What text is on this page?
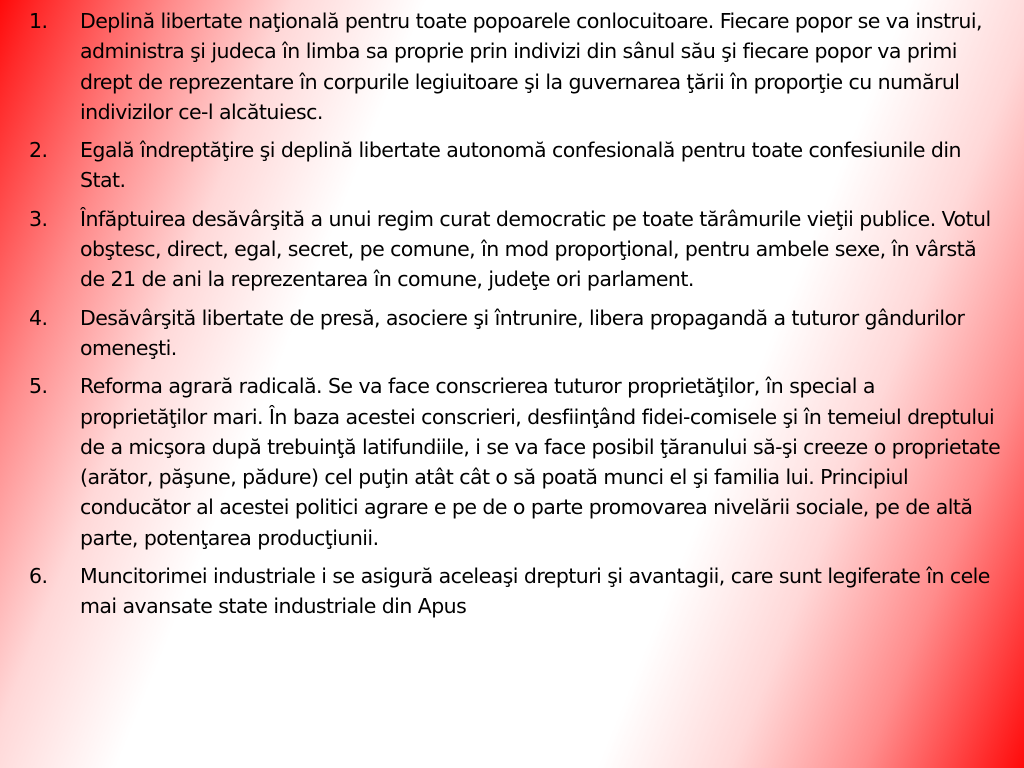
1. Deplină libertate naţională pentru toate popoarele conlocuitoare. Fiecare popor se va instrui, administra şi judeca în limba sa proprie prin indivizi din sânul său şi fiecare popor va primi drept de reprezentare în corpurile legiuitoare şi la guvernarea ţării în proporţie cu numărul indivizilor ce-l alcătuiesc.
2. Egală îndreptăţire şi deplină libertate autonomă confesională pentru toate confesiunile din Stat.
3. Înfăptuirea desăvârşită a unui regim curat democratic pe toate tărâmurile vieţii publice. Votul obştesc, direct, egal, secret, pe comune, în mod proporţional, pentru ambele sexe, în vârstă de 21 de ani la reprezentarea în comune, judeţe ori parlament.
4. Desăvârşită libertate de presă, asociere şi întrunire, libera propagandă a tuturor gândurilor omeneşti.
5. Reforma agrară radicală. Se va face conscrierea tuturor proprietăţilor, în special a proprietăţilor mari. În baza acestei conscrieri, desfiinţând fidei-comisele şi în temeiul dreptului de a micşora după trebuinţă latifundiile, i se va face posibil ţăranului să-şi creeze o proprietate (arător, păşune, pădure) cel puţin atât cât o să poată munci el şi familia lui. Principiul conducător al acestei politici agrare e pe de o parte promovarea nivelării sociale, pe de altă parte, potenţarea producţiunii.
6. Muncitorimei industriale i se asigură aceleaşi drepturi şi avantagii, care sunt legiferate în cele mai avansate state industriale din Apus
